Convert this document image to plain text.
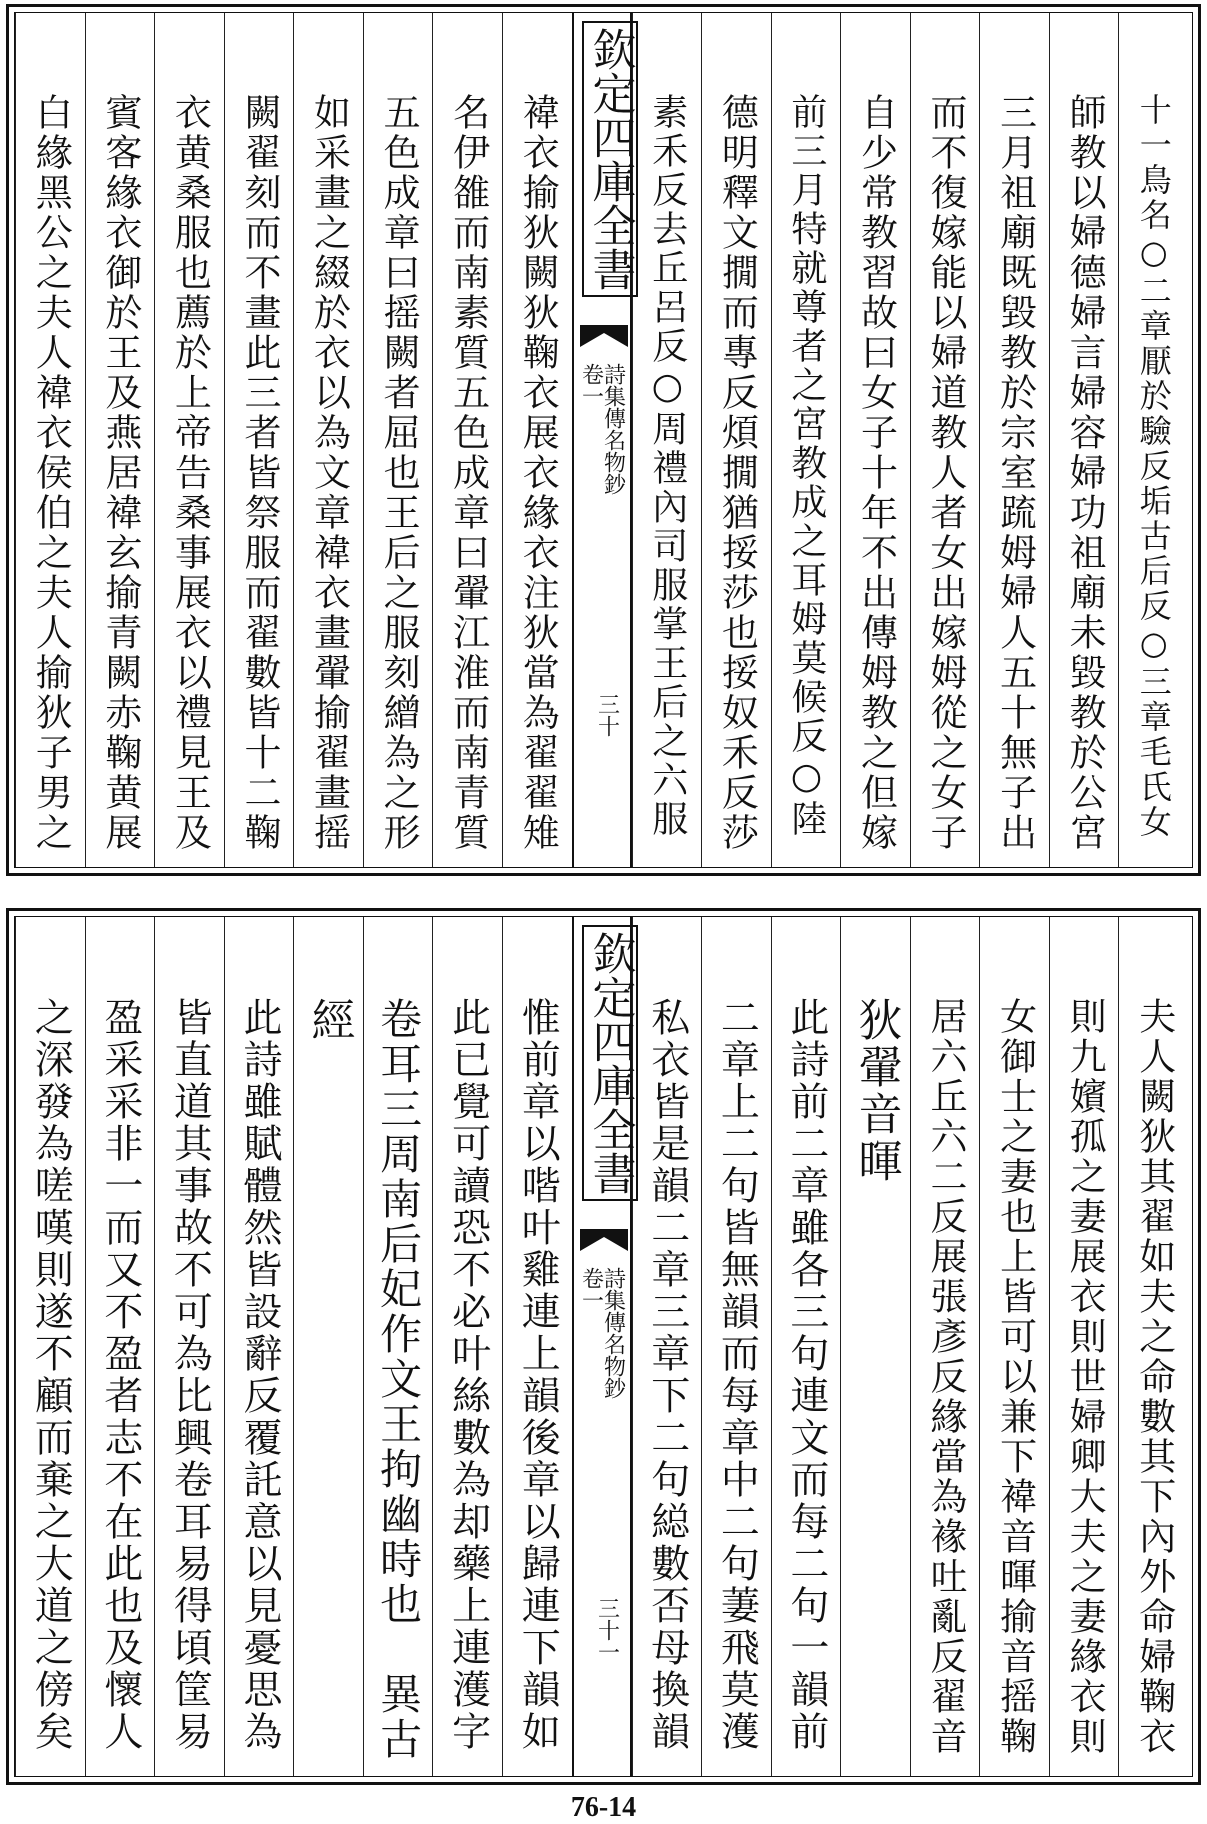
十一鳥名○二章厭於驗反垢古后反○三章毛氏女
師教以婦德婦言婦容婦功祖廟未毀教於公宮
三月祖廟既毀教於宗室䟽姆婦人五十無子出
而不復嫁能以婦道教人者女出嫁姆從之女子
自少常教習故曰女子十年不出傳姆教之但嫁
前三月特就尊者之宮教成之耳姆莫候反○陸
德明釋文撊而專反煩撊猶挼莎也挼奴禾反莎
素禾反去丘呂反○周禮內司服掌王后之六服
褘衣揄狄闕狄鞠衣展衣緣衣注狄當為翟翟雉
名伊雒而南素質五色成章曰翬江淮而南青質
五色成章曰摇闕者屈也王后之服刻繒為之形
如采畫之綴於衣以為文章褘衣畫翬揄翟畫摇
闕翟刻而不畫此三者皆祭服而翟數皆十二鞠
衣黄桑服也薦於上帝告桑事展衣以禮見王及
賓客緣衣御於王及燕居褘玄揄青闕赤鞠黄展
白緣黑公之夫人褘衣侯伯之夫人揄狄子男之	欽定四庫全書
詩集傳名物鈔
卷一
三十
夫人闕狄其翟如夫之命數其下內外命婦鞠衣
則九嬪孤之妻展衣則世婦卿大夫之妻緣衣則
女御士之妻也上皆可以兼下褘音暉揄音摇鞠
居六丘六二反展張彥反緣當為褖吐亂反翟音
狄翬音暉
此詩前二章雖各三句連文而每二句一韻前
二章上二句皆無韻而每章中二句萋飛莫濩
私衣皆是韻二章三章下二句縂數否母換韻
惟前章以喈叶雞連上韻後章以歸連下韻如
此已覺可讀恐不必叶絲數為却藥上連濩字
卷耳三周南后妃作文王拘幽時也　異古
經
此詩雖賦體然皆設辭反覆託意以見憂思為
皆直道其事故不可為比興卷耳易得頃筐易
盈采采非一而又不盈者志不在此也及懷人
之深發為嗟嘆則遂不顧而棄之大道之傍矣	欽定四庫全書
詩集傳名物鈔
卷一
三十一
76-14
